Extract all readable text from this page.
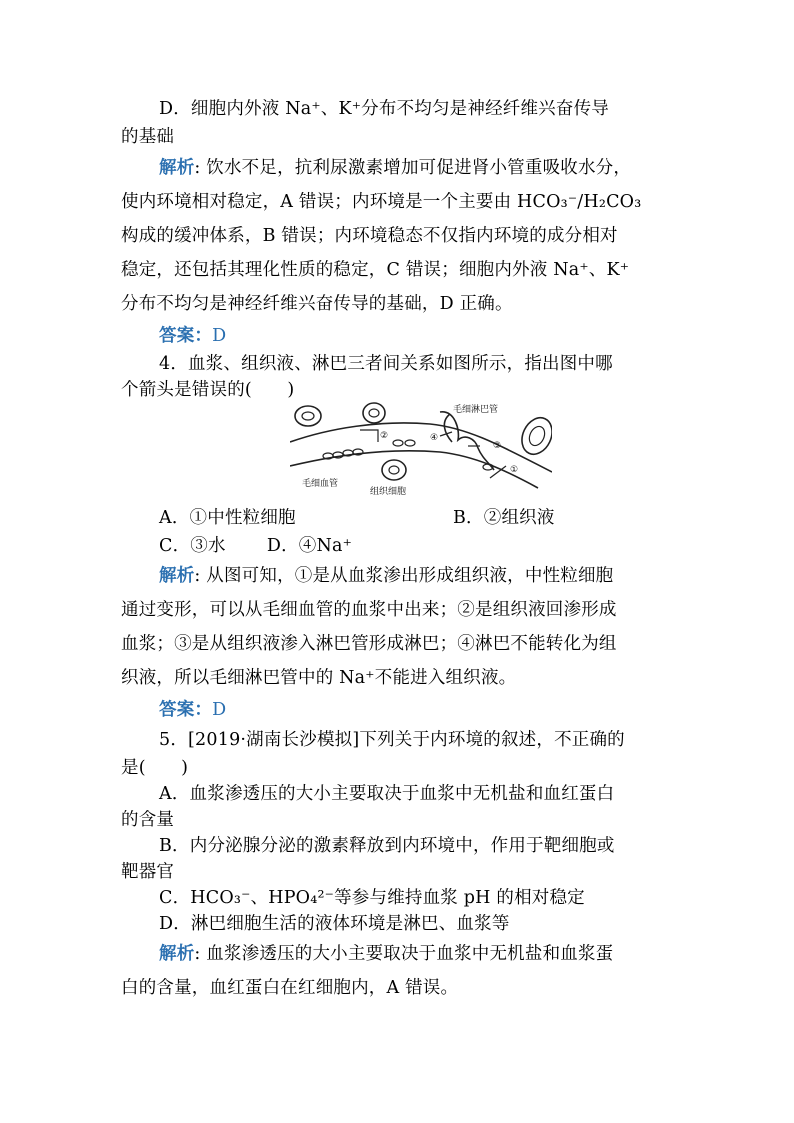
D．细胞内外液 Na⁺、K⁺分布不均匀是神经纤维兴奋传导
的基础
解析: 饮水不足，抗利尿激素增加可促进肾小管重吸收水分，
使内环境相对稳定，A 错误；内环境是一个主要由 HCO₃⁻/H₂CO₃
构成的缓冲体系，B 错误；内环境稳态不仅指内环境的成分相对
稳定，还包括其理化性质的稳定，C 错误；细胞内外液 Na⁺、K⁺
分布不均匀是神经纤维兴奋传导的基础，D 正确。
答案：D
4．血浆、组织液、淋巴三者间关系如图所示，指出图中哪
个箭头是错误的(　　)
毛细淋巴管
毛细血管
组织细胞
②	④
③
①
A．①中性粒细胞	B．②组织液
C．③水　　 D．④Na⁺
解析: 从图可知，①是从血浆渗出形成组织液，中性粒细胞
通过变形，可以从毛细血管的血浆中出来；②是组织液回渗形成
血浆；③是从组织液渗入淋巴管形成淋巴；④淋巴不能转化为组
织液，所以毛细淋巴管中的 Na⁺不能进入组织液。
答案：D
5．[2019·湖南长沙模拟]下列关于内环境的叙述，不正确的
是(　　)
A．血浆渗透压的大小主要取决于血浆中无机盐和血红蛋白
的含量
B．内分泌腺分泌的激素释放到内环境中，作用于靶细胞或
靶器官
C．HCO₃⁻、HPO₄²⁻等参与维持血浆 pH 的相对稳定
D．淋巴细胞生活的液体环境是淋巴、血浆等
解析: 血浆渗透压的大小主要取决于血浆中无机盐和血浆蛋
白的含量，血红蛋白在红细胞内，A 错误。
